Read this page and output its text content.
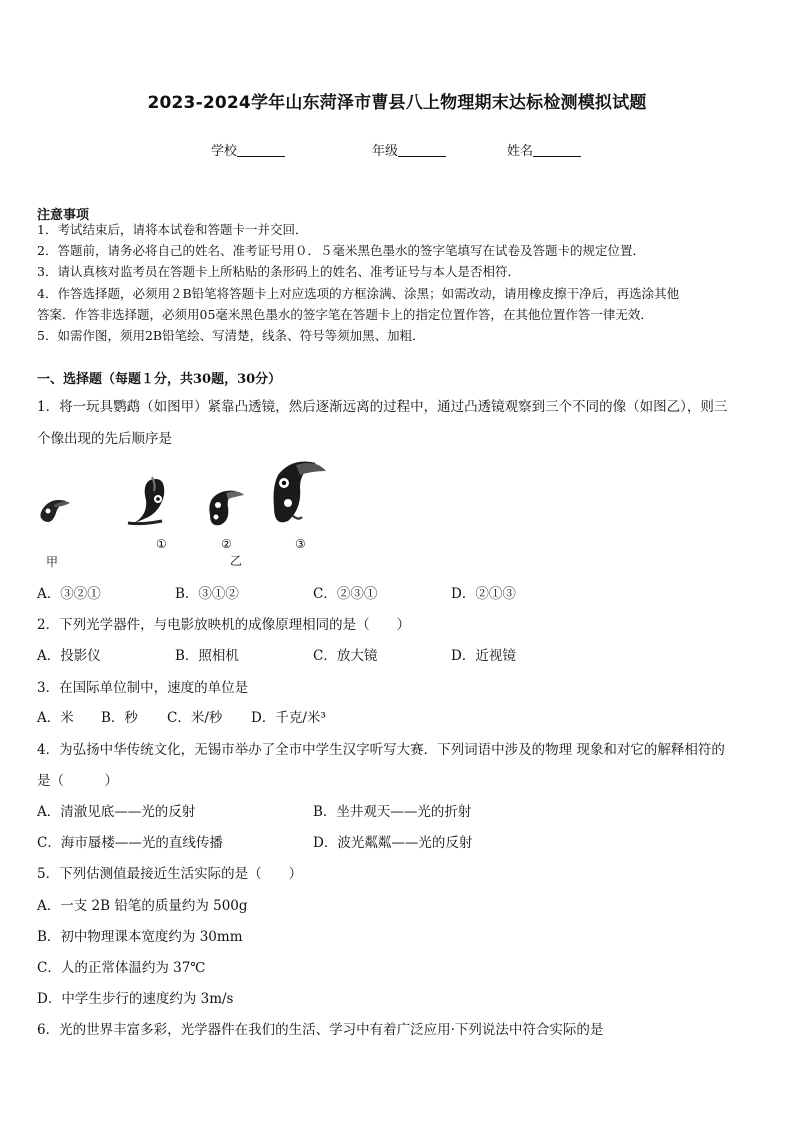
2023-2024学年山东菏泽市曹县八上物理期末达标检测模拟试题
学校	年级	姓名
注意事项
1．考试结束后，请将本试卷和答题卡一并交回．
2．答题前，请务必将自己的姓名、准考证号用０．５毫米黑色墨水的签字笔填写在试卷及答题卡的规定位置．
3．请认真核对监考员在答题卡上所粘贴的条形码上的姓名、准考证号与本人是否相符．
4．作答选择题，必须用２B铅笔将答题卡上对应选项的方框涂满、涂黑；如需改动，请用橡皮擦干净后，再选涂其他
答案．作答非选择题，必须用05毫米黑色墨水的签字笔在答题卡上的指定位置作答，在其他位置作答一律无效．
5．如需作图，须用2B铅笔绘、写清楚，线条、符号等须加黑、加粗．
一、选择题（每题１分，共30题，30分）
1．将一玩具鹦鹉（如图甲）紧靠凸透镜，然后逐渐远离的过程中，通过凸透镜观察到三个不同的像（如图乙），则三
个像出现的先后顺序是
甲
①	②
乙
③
A．③②①	B．③①②	C．②③①	D．②①③
2．下列光学器件，与电影放映机的成像原理相同的是（　　）
A．投影仪	B．照相机	C．放大镜	D．近视镜
3．在国际单位制中，速度的单位是
A．米 B．秒 C．米/秒 D．千克/米³
4．为弘扬中华传统文化，无锡市举办了全市中学生汉字听写大赛．下列词语中涉及的物理 现象和对它的解释相符的
是（　　　）
A．清澈见底——光的反射	B．坐井观天——光的折射
C．海市蜃楼——光的直线传播	D．波光粼粼——光的反射
5．下列估测值最接近生活实际的是（　　）
A．一支 2B 铅笔的质量约为 500g
B．初中物理课本宽度约为 30mm
C．人的正常体温约为 37℃
D．中学生步行的速度约为 3m/s
6．光的世界丰富多彩，光学器件在我们的生活、学习中有着广泛应用·下列说法中符合实际的是
